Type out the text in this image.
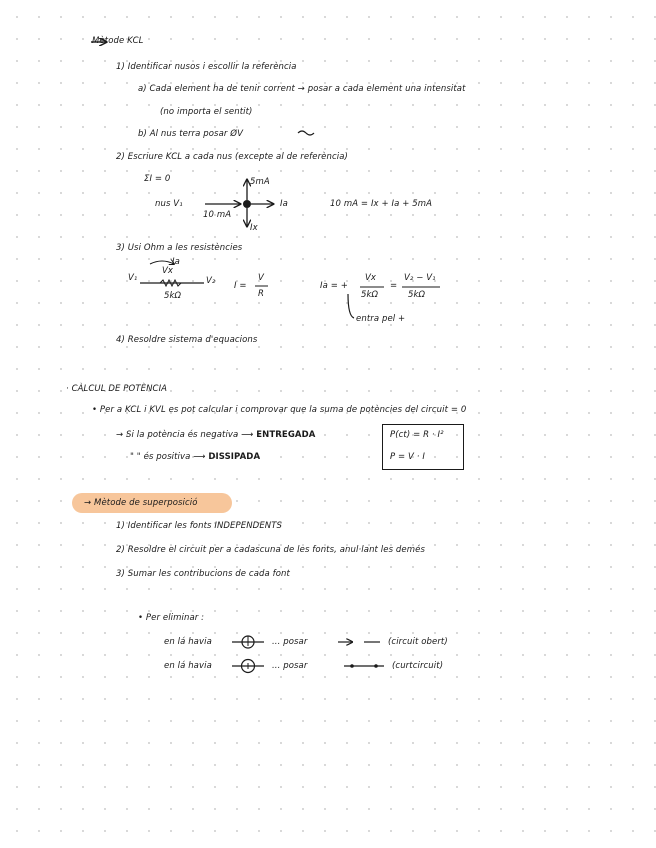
Mètode KCL
1) Identificar nusos i escollir la referència
a) Cada element ha de tenir corrent → posar a cada element una intensitat
(no importa el sentit)
b) Al nus terra posar ØV
2) Escriure KCL a cada nus (excepte al de referència)
ΣI = 0
nus V₁
10 mA
5mA
Ia
Ix
10 mA = Ix + Ia + 5mA
3) Usi Ohm a les resistències
V₁	V₂
Ia
Vx
5kΩ
I =
V
R
Ia = +
Vx
5kΩ
=
V₂ − V₁
5kΩ
entra pel +
4) Resoldre sistema d'equacions
· CÀLCUL DE POTÈNCIA
• Per a KCL i KVL es pot calcular i comprovar que la suma de potències del circuit = 0
→ Si la potència és negativa ⟶ ENTREGADA
" " és positiva ⟶ DISSIPADA
P(ct) = R · I²
P = V · I
→ Mètode de superposició
1) Identificar les fonts INDEPENDENTS
2) Resoldre el circuit per a cadascuna de les fonts, anul·lant les demés
3) Sumar les contribucions de cada font
• Per eliminar :
en lá havia	... posar	(circuit obert)
en lá havia	... posar	(curtcircuit)
